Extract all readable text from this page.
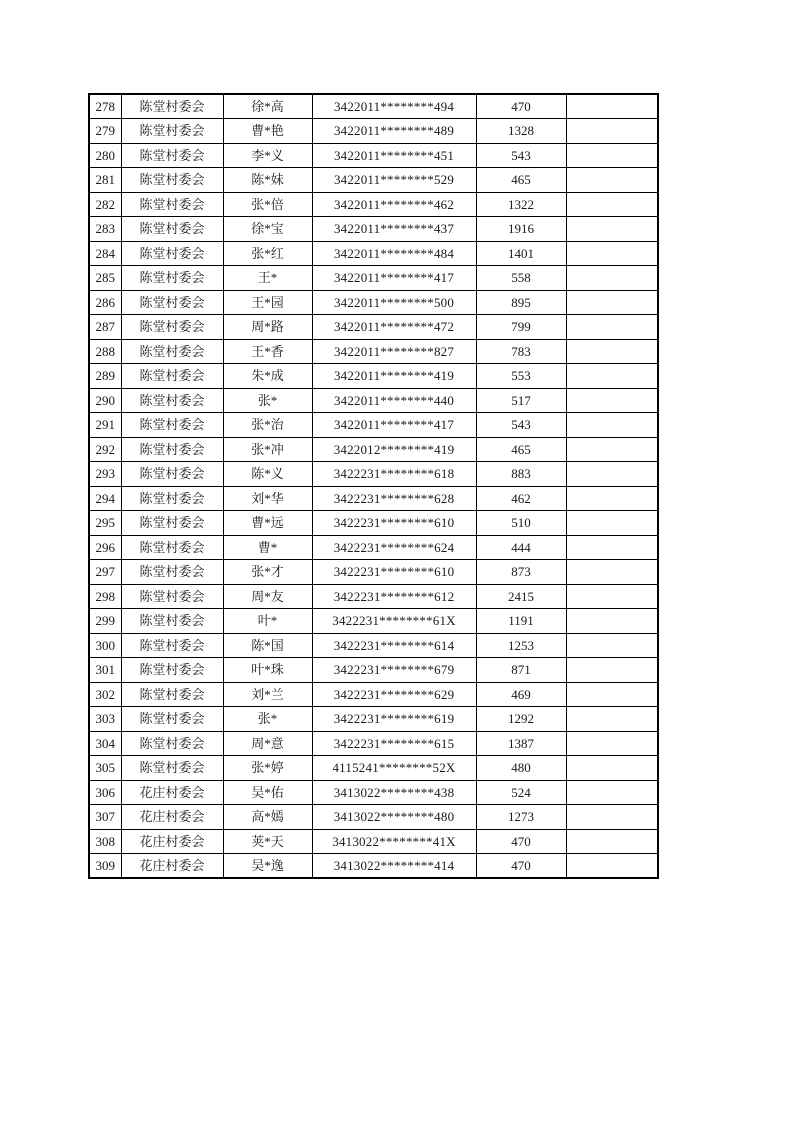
278	陈堂村委会	徐*高	3422011********494	470	
279	陈堂村委会	曹*艳	3422011********489	1328	
280	陈堂村委会	李*义	3422011********451	543	
281	陈堂村委会	陈*妹	3422011********529	465	
282	陈堂村委会	张*倍	3422011********462	1322	
283	陈堂村委会	徐*宝	3422011********437	1916	
284	陈堂村委会	张*红	3422011********484	1401	
285	陈堂村委会	王*	3422011********417	558	
286	陈堂村委会	王*园	3422011********500	895	
287	陈堂村委会	周*路	3422011********472	799	
288	陈堂村委会	王*香	3422011********827	783	
289	陈堂村委会	朱*成	3422011********419	553	
290	陈堂村委会	张*	3422011********440	517	
291	陈堂村委会	张*治	3422011********417	543	
292	陈堂村委会	张*冲	3422012********419	465	
293	陈堂村委会	陈*义	3422231********618	883	
294	陈堂村委会	刘*华	3422231********628	462	
295	陈堂村委会	曹*远	3422231********610	510	
296	陈堂村委会	曹*	3422231********624	444	
297	陈堂村委会	张*才	3422231********610	873	
298	陈堂村委会	周*友	3422231********612	2415	
299	陈堂村委会	叶*	3422231********61X	1191	
300	陈堂村委会	陈*国	3422231********614	1253	
301	陈堂村委会	叶*珠	3422231********679	871	
302	陈堂村委会	刘*兰	3422231********629	469	
303	陈堂村委会	张*	3422231********619	1292	
304	陈堂村委会	周*意	3422231********615	1387	
305	陈堂村委会	张*婷	4115241********52X	480	
306	花庄村委会	吴*佑	3413022********438	524	
307	花庄村委会	高*嫣	3413022********480	1273	
308	花庄村委会	荚*天	3413022********41X	470	
309	花庄村委会	吴*逸	3413022********414	470	
